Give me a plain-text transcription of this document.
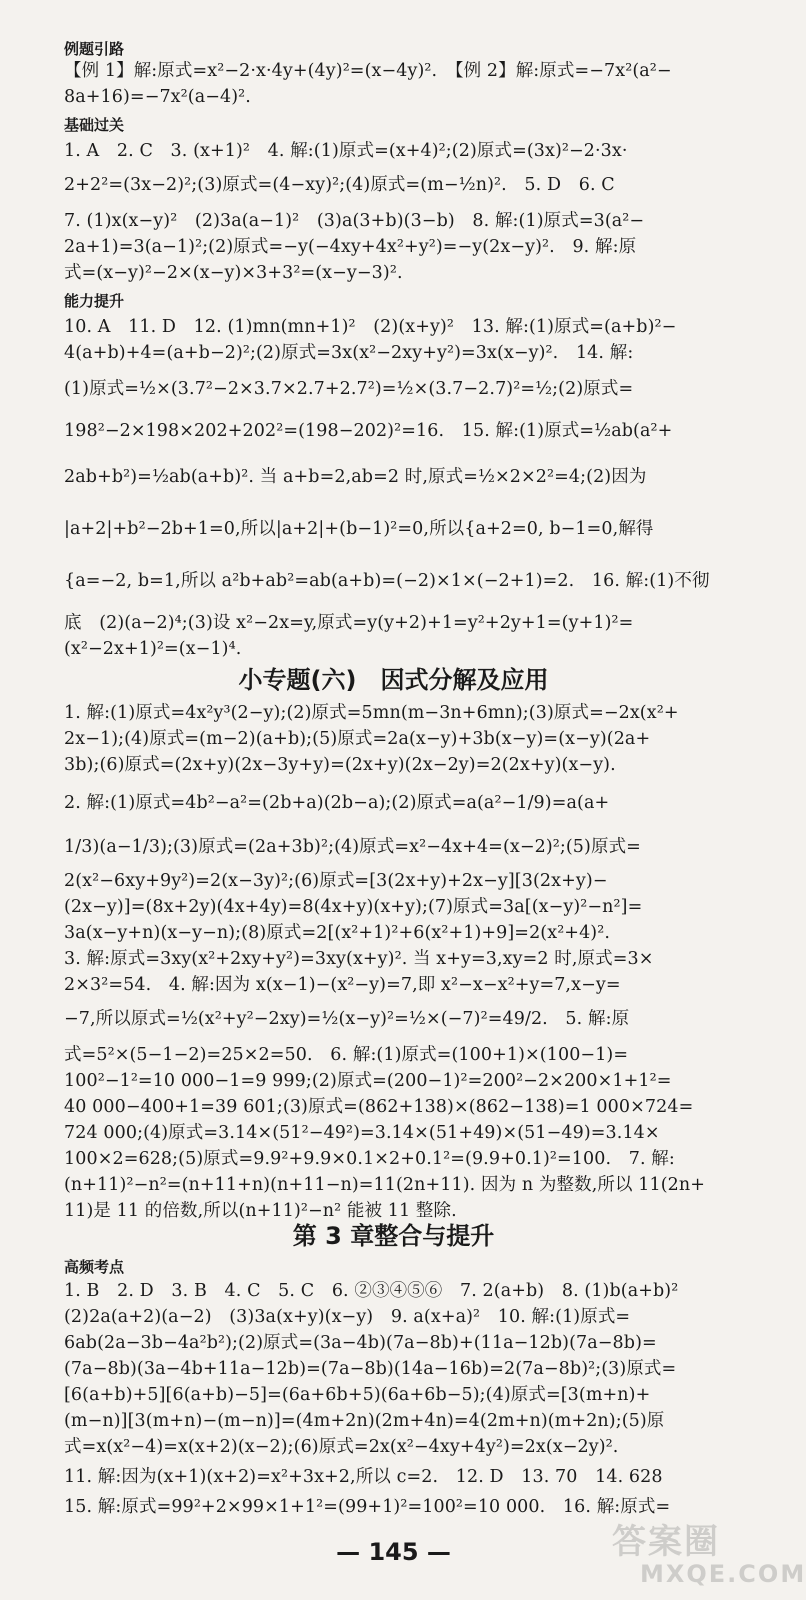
例题引路
【例 1】解:原式=x²−2·x·4y+(4y)²=(x−4y)².　【例 2】解:原式=−7x²(a²−
8a+16)=−7x²(a−4)².
基础过关
1. A　2. C　3. (x+1)²　4. 解:(1)原式=(x+4)²;(2)原式=(3x)²−2·3x·
2+2²=(3x−2)²;(3)原式=(4−xy)²;(4)原式=(m−½n)².　5. D　6. C
7. (1)x(x−y)²　(2)3a(a−1)²　(3)a(3+b)(3−b)　8. 解:(1)原式=3(a²−
2a+1)=3(a−1)²;(2)原式=−y(−4xy+4x²+y²)=−y(2x−y)².　9. 解:原
式=(x−y)²−2×(x−y)×3+3²=(x−y−3)².
能力提升
10. A　11. D　12. (1)mn(mn+1)²　(2)(x+y)²　13. 解:(1)原式=(a+b)²−
4(a+b)+4=(a+b−2)²;(2)原式=3x(x²−2xy+y²)=3x(x−y)².　14. 解:
(1)原式=½×(3.7²−2×3.7×2.7+2.7²)=½×(3.7−2.7)²=½;(2)原式=
198²−2×198×202+202²=(198−202)²=16.　15. 解:(1)原式=½ab(a²+
2ab+b²)=½ab(a+b)². 当 a+b=2,ab=2 时,原式=½×2×2²=4;(2)因为
|a+2|+b²−2b+1=0,所以|a+2|+(b−1)²=0,所以{a+2=0, b−1=0,解得
{a=−2, b=1,所以 a²b+ab²=ab(a+b)=(−2)×1×(−2+1)=2.　16. 解:(1)不彻
底　(2)(a−2)⁴;(3)设 x²−2x=y,原式=y(y+2)+1=y²+2y+1=(y+1)²=
(x²−2x+1)²=(x−1)⁴.
小专题(六)　因式分解及应用
1. 解:(1)原式=4x²y³(2−y);(2)原式=5mn(m−3n+6mn);(3)原式=−2x(x²+
2x−1);(4)原式=(m−2)(a+b);(5)原式=2a(x−y)+3b(x−y)=(x−y)(2a+
3b);(6)原式=(2x+y)(2x−3y+y)=(2x+y)(2x−2y)=2(2x+y)(x−y).
2. 解:(1)原式=4b²−a²=(2b+a)(2b−a);(2)原式=a(a²−1/9)=a(a+
1/3)(a−1/3);(3)原式=(2a+3b)²;(4)原式=x²−4x+4=(x−2)²;(5)原式=
2(x²−6xy+9y²)=2(x−3y)²;(6)原式=[3(2x+y)+2x−y][3(2x+y)−
(2x−y)]=(8x+2y)(4x+4y)=8(4x+y)(x+y);(7)原式=3a[(x−y)²−n²]=
3a(x−y+n)(x−y−n);(8)原式=2[(x²+1)²+6(x²+1)+9]=2(x²+4)².
3. 解:原式=3xy(x²+2xy+y²)=3xy(x+y)². 当 x+y=3,xy=2 时,原式=3×
2×3²=54.　4. 解:因为 x(x−1)−(x²−y)=7,即 x²−x−x²+y=7,x−y=
−7,所以原式=½(x²+y²−2xy)=½(x−y)²=½×(−7)²=49/2.　5. 解:原
式=5²×(5−1−2)=25×2=50.　6. 解:(1)原式=(100+1)×(100−1)=
100²−1²=10 000−1=9 999;(2)原式=(200−1)²=200²−2×200×1+1²=
40 000−400+1=39 601;(3)原式=(862+138)×(862−138)=1 000×724=
724 000;(4)原式=3.14×(51²−49²)=3.14×(51+49)×(51−49)=3.14×
100×2=628;(5)原式=9.9²+9.9×0.1×2+0.1²=(9.9+0.1)²=100.　7. 解:
(n+11)²−n²=(n+11+n)(n+11−n)=11(2n+11). 因为 n 为整数,所以 11(2n+
11)是 11 的倍数,所以(n+11)²−n² 能被 11 整除.
第 3 章整合与提升
高频考点
1. B　2. D　3. B　4. C　5. C　6. ②③④⑤⑥　7. 2(a+b)　8. (1)b(a+b)²
(2)2a(a+2)(a−2)　(3)3a(x+y)(x−y)　9. a(x+a)²　10. 解:(1)原式=
6ab(2a−3b−4a²b²);(2)原式=(3a−4b)(7a−8b)+(11a−12b)(7a−8b)=
(7a−8b)(3a−4b+11a−12b)=(7a−8b)(14a−16b)=2(7a−8b)²;(3)原式=
[6(a+b)+5][6(a+b)−5]=(6a+6b+5)(6a+6b−5);(4)原式=[3(m+n)+
(m−n)][3(m+n)−(m−n)]=(4m+2n)(2m+4n)=4(2m+n)(m+2n);(5)原
式=x(x²−4)=x(x+2)(x−2);(6)原式=2x(x²−4xy+4y²)=2x(x−2y)².
11. 解:因为(x+1)(x+2)=x²+3x+2,所以 c=2.　12. D　13. 70　14. 628
15. 解:原式=99²+2×99×1+1²=(99+1)²=100²=10 000.　16. 解:原式=
— 145 —	答案圈
MXQE.COM
